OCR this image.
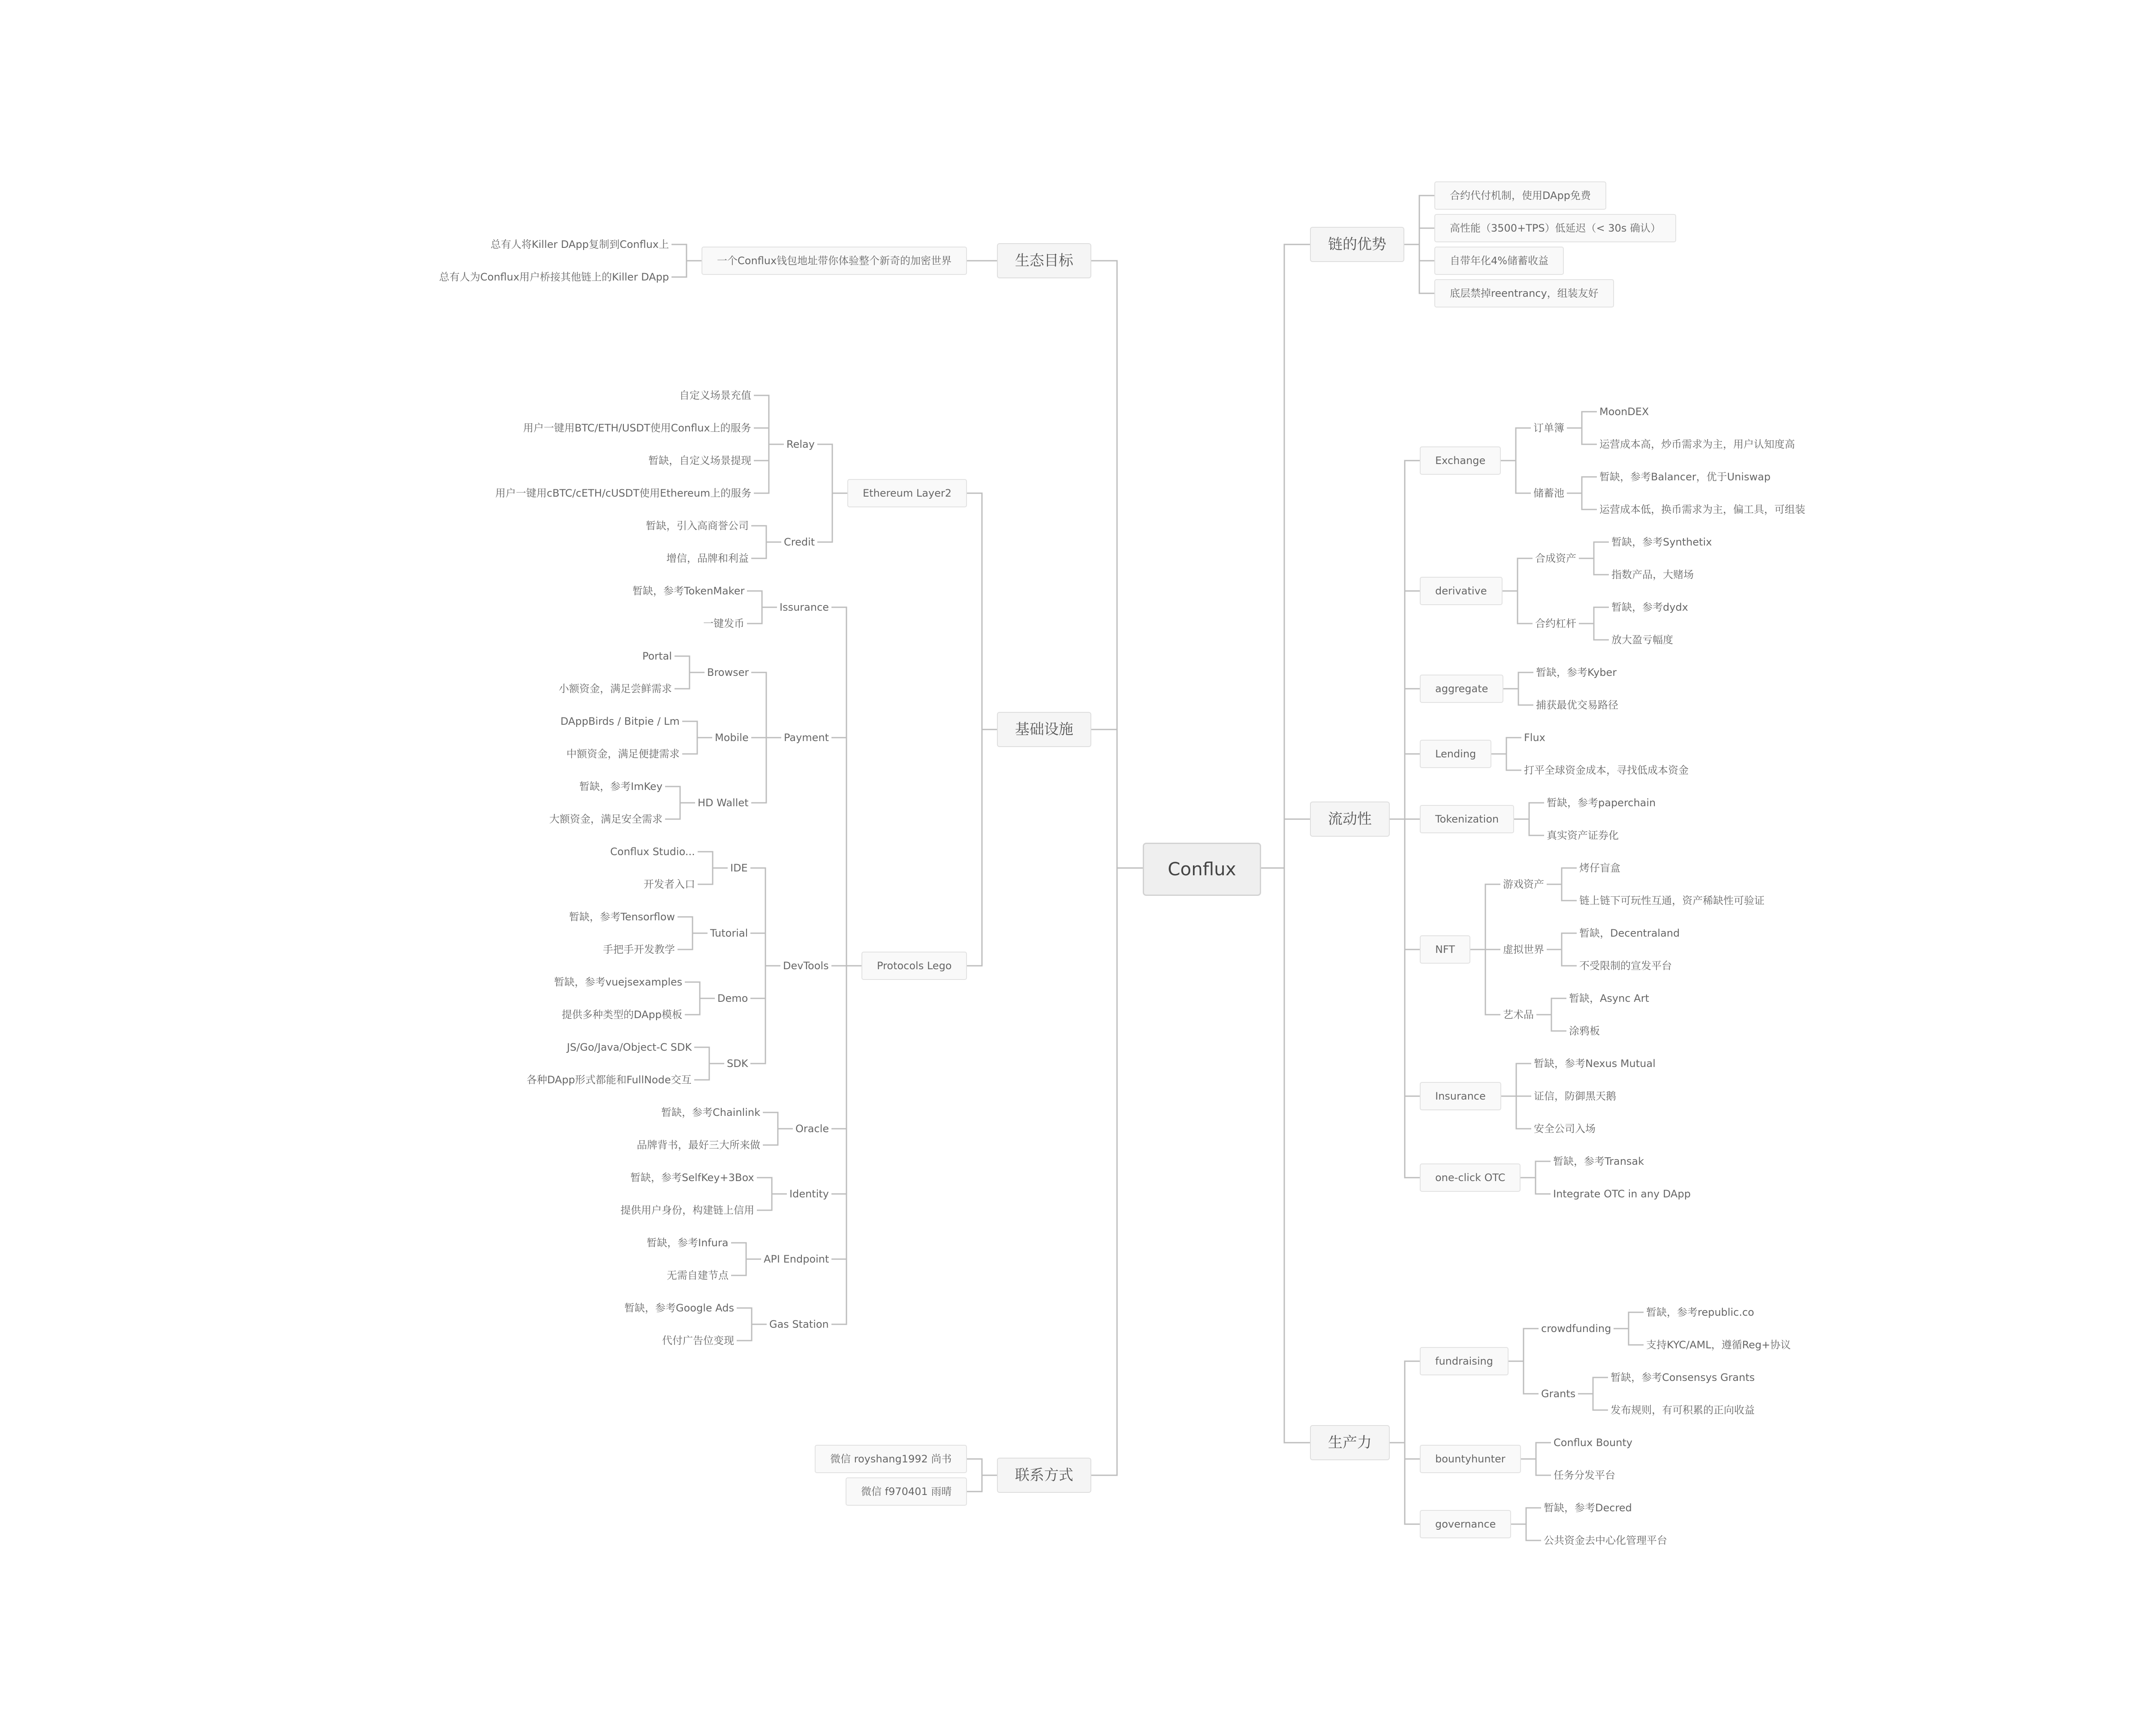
Conflux
生态目标
一个Conflux钱包地址带你体验整个新奇的加密世界
总有人将Killer DApp复制到Conflux上
总有人为Conflux用户桥接其他链上的Killer DApp
基础设施
Ethereum Layer2
Relay
自定义场景充值
用户一键用BTC/ETH/USDT使用Conflux上的服务
暂缺，自定义场景提现
用户一键用cBTC/cETH/cUSDT使用Ethereum上的服务
Credit
暂缺，引入高商誉公司
增信，品牌和利益
Protocols Lego
Issurance
暂缺，参考TokenMaker
一键发币
Payment
Browser
Portal
小额资金，满足尝鲜需求
Mobile
DAppBirds / Bitpie / Lm
中额资金，满足便捷需求
HD Wallet
暂缺，参考ImKey
大额资金，满足安全需求
DevTools
IDE
Conflux Studio...
开发者入口
Tutorial
暂缺，参考Tensorflow
手把手开发教学
Demo
暂缺，参考vuejsexamples
提供多种类型的DApp模板
SDK
JS/Go/Java/Object-C SDK
各种DApp形式都能和FullNode交互
Oracle
暂缺，参考Chainlink
品牌背书，最好三大所来做
Identity
暂缺，参考SelfKey+3Box
提供用户身份，构建链上信用
API Endpoint
暂缺，参考Infura
无需自建节点
Gas Station
暂缺，参考Google Ads
代付广告位变现
联系方式
微信 royshang1992 尚书
微信 f970401 雨晴
链的优势
合约代付机制，使用DApp免费
高性能（3500+TPS）低延迟（< 30s 确认）
自带年化4%储蓄收益
底层禁掉reentrancy，组装友好
流动性
Exchange
订单簿
MoonDEX
运营成本高，炒币需求为主，用户认知度高
储蓄池
暂缺，参考Balancer，优于Uniswap
运营成本低，换币需求为主，偏工具，可组装
derivative
合成资产
暂缺，参考Synthetix
指数产品，大赌场
合约杠杆
暂缺，参考dydx
放大盈亏幅度
aggregate
暂缺，参考Kyber
捕获最优交易路径
Lending
Flux
打平全球资金成本，寻找低成本资金
Tokenization
暂缺，参考paperchain
真实资产证券化
NFT
游戏资产
烤仔盲盒
链上链下可玩性互通，资产稀缺性可验证
虚拟世界
暂缺，Decentraland
不受限制的宣发平台
艺术品
暂缺，Async Art
涂鸦板
Insurance
暂缺，参考Nexus Mutual
证信，防御黑天鹅
安全公司入场
one-click OTC
暂缺，参考Transak
Integrate OTC in any DApp
生产力
fundraising
crowdfunding
暂缺，参考republic.co
支持KYC/AML，遵循Reg+协议
Grants
暂缺，参考Consensys Grants
发布规则，有可积累的正向收益
bountyhunter
Conflux Bounty
任务分发平台
governance
暂缺，参考Decred
公共资金去中心化管理平台
